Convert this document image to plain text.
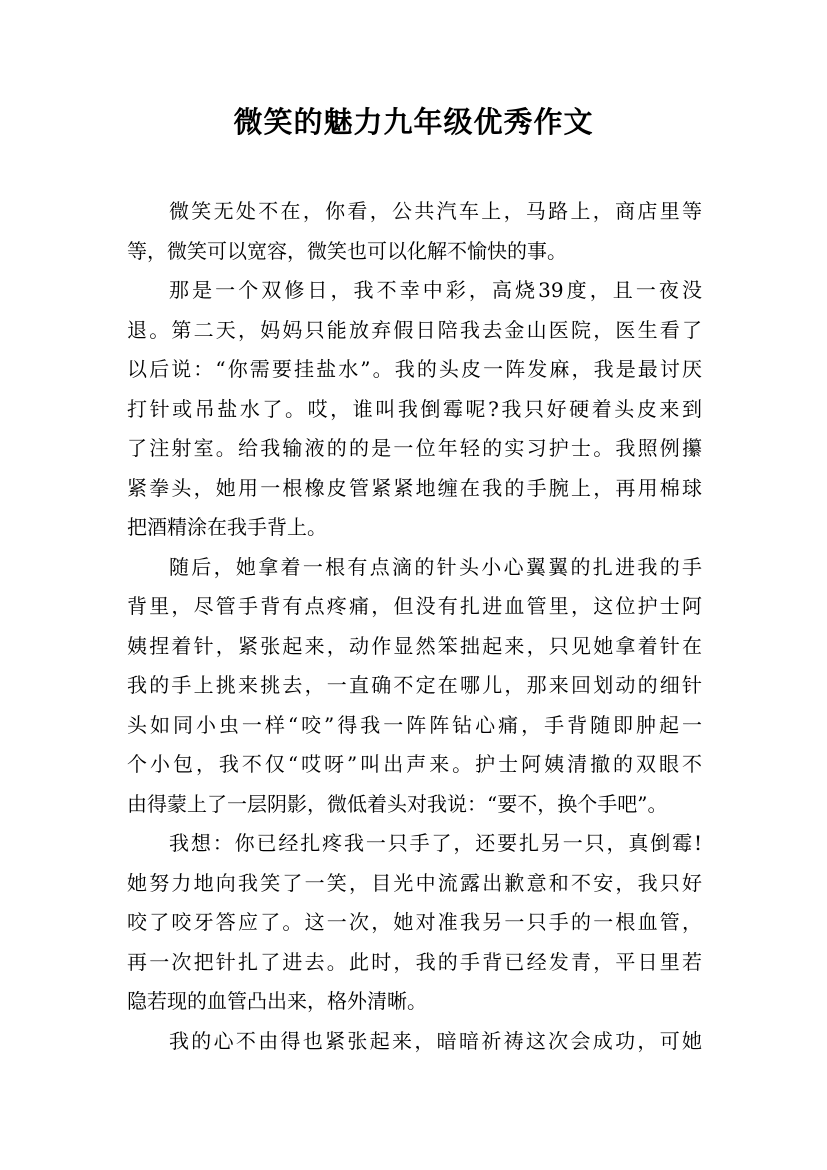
微笑的魅力九年级优秀作文
微笑无处不在，你看，公共汽车上，马路上，商店里等
等，微笑可以宽容，微笑也可以化解不愉快的事。
那是一个双修日，我不幸中彩，高烧39度，且一夜没
退。第二天，妈妈只能放弃假日陪我去金山医院，医生看了
以后说：“你需要挂盐水”。我的头皮一阵发麻，我是最讨厌
打针或吊盐水了。哎，谁叫我倒霉呢?我只好硬着头皮来到
了注射室。给我输液的的是一位年轻的实习护士。我照例攥
紧拳头，她用一根橡皮管紧紧地缠在我的手腕上，再用棉球
把酒精涂在我手背上。
随后，她拿着一根有点滴的针头小心翼翼的扎进我的手
背里，尽管手背有点疼痛，但没有扎进血管里，这位护士阿
姨捏着针，紧张起来，动作显然笨拙起来，只见她拿着针在
我的手上挑来挑去，一直确不定在哪儿，那来回划动的细针
头如同小虫一样“咬”得我一阵阵钻心痛，手背随即肿起一
个小包，我不仅“哎呀”叫出声来。护士阿姨清撤的双眼不
由得蒙上了一层阴影，微低着头对我说：“要不，换个手吧”。
我想：你已经扎疼我一只手了，还要扎另一只，真倒霉!
她努力地向我笑了一笑，目光中流露出歉意和不安，我只好
咬了咬牙答应了。这一次，她对准我另一只手的一根血管，
再一次把针扎了进去。此时，我的手背已经发青，平日里若
隐若现的血管凸出来，格外清晰。
我的心不由得也紧张起来，暗暗祈祷这次会成功，可她
